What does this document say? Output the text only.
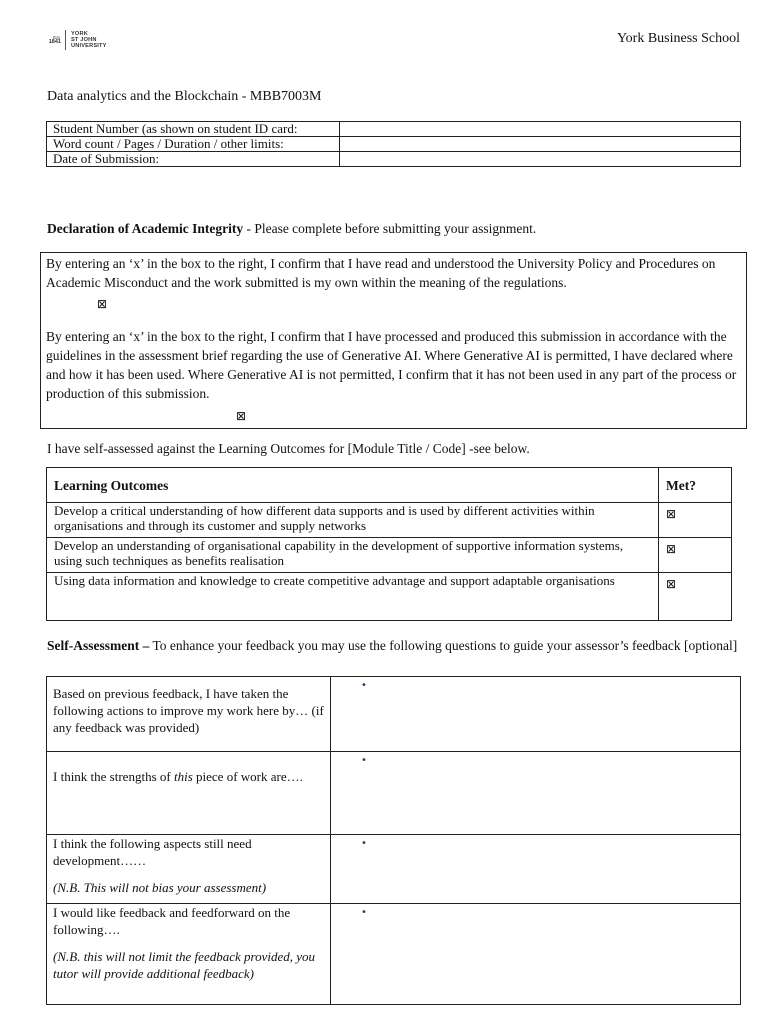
Est.
1841
YORK
ST JOHN
UNIVERSITY
York Business School
Data analytics and the Blockchain - MBB7003M
Student Number (as shown on student ID card:	
Word count / Pages / Duration / other limits:	
Date of Submission:	
Declaration of Academic Integrity - Please complete before submitting your assignment.
By entering an ‘x’ in the box to the right, I confirm that I have read and understood the University Policy and Procedures on Academic Misconduct and the work submitted is my own within the meaning of the regulations.
⊠
By entering an ‘x’ in the box to the right, I confirm that I have processed and produced this submission in accordance with the guidelines in the assessment brief regarding the use of Generative AI. Where Generative AI is permitted, I have declared where and how it has been used. Where Generative AI is not permitted, I confirm that it has not been used in any part of the process or production of this submission.
⊠
I have self-assessed against the Learning Outcomes for [Module Title / Code] -see below.
Learning Outcomes	Met?
Develop a critical understanding of how different data supports and is used by different activities within organisations and through its customer and supply networks	⊠
Develop an understanding of organisational capability in the development of supportive information systems, using such techniques as benefits realisation	⊠
Using data information and knowledge to create competitive advantage and support adaptable organisations	⊠
Self-Assessment – To enhance your feedback you may use the following questions to guide your assessor’s feedback [optional]
Based on previous feedback, I have taken the following actions to improve my work here by… (if any feedback was provided)	•

I think the strengths of this piece of work are….	•

I think the following aspects still need development……
(N.B. This will not bias your assessment)	•

I would like feedback and feedforward on the following….
(N.B. this will not limit the feedback provided, you tutor will provide additional feedback)	•
